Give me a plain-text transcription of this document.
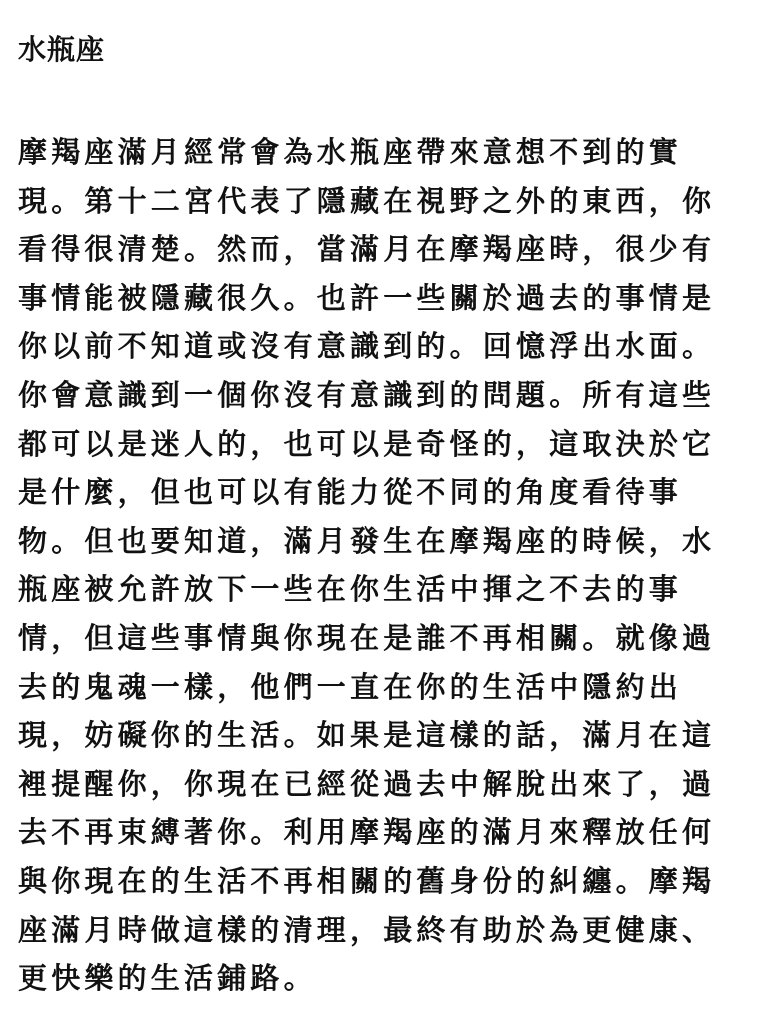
水瓶座
摩羯座滿月經常會為水瓶座帶來意想不到的實
現。第十二宮代表了隱藏在視野之外的東西，你
看得很清楚。然而，當滿月在摩羯座時，很少有
事情能被隱藏很久。也許一些關於過去的事情是
你以前不知道或沒有意識到的。回憶浮出水面。
你會意識到一個你沒有意識到的問題。所有這些
都可以是迷人的，也可以是奇怪的，這取決於它
是什麼，但也可以有能力從不同的角度看待事
物。但也要知道，滿月發生在摩羯座的時候，水
瓶座被允許放下一些在你生活中揮之不去的事
情，但這些事情與你現在是誰不再相關。就像過
去的鬼魂一樣，他們一直在你的生活中隱約出
現，妨礙你的生活。如果是這樣的話，滿月在這
裡提醒你，你現在已經從過去中解脫出來了，過
去不再束縛著你。利用摩羯座的滿月來釋放任何
與你現在的生活不再相關的舊身份的糾纏。摩羯
座滿月時做這樣的清理，最終有助於為更健康、
更快樂的生活鋪路。
